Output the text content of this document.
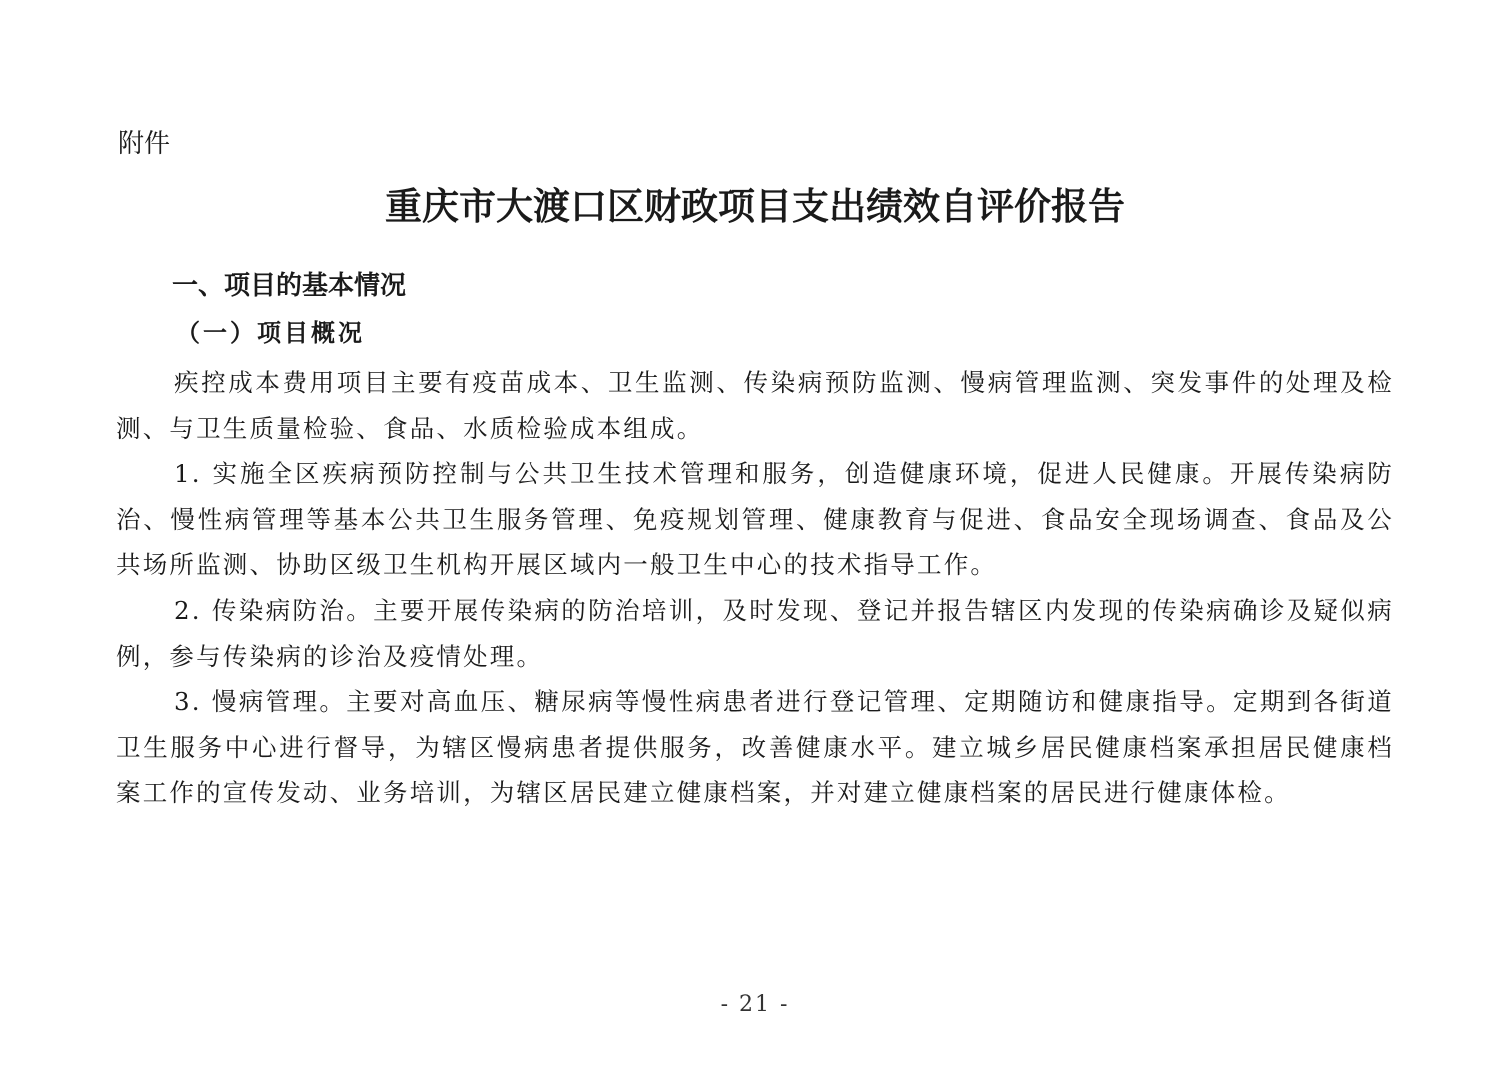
附件

重庆市大渡口区财政项目支出绩效自评价报告
一、项目的基本情况
（一）项目概况

疾控成本费用项目主要有疫苗成本、卫生监测、传染病预防监测、慢病管理监测、突发事件的处理及检测、与卫生质量检验、食品、水质检验成本组成。

1. 实施全区疾病预防控制与公共卫生技术管理和服务，创造健康环境，促进人民健康。开展传染病防治、慢性病管理等基本公共卫生服务管理、免疫规划管理、健康教育与促进、食品安全现场调查、食品及公共场所监测、协助区级卫生机构开展区域内一般卫生中心的技术指导工作。

2. 传染病防治。主要开展传染病的防治培训，及时发现、登记并报告辖区内发现的传染病确诊及疑似病例，参与传染病的诊治及疫情处理。

3. 慢病管理。主要对高血压、糖尿病等慢性病患者进行登记管理、定期随访和健康指导。定期到各街道卫生服务中心进行督导，为辖区慢病患者提供服务，改善健康水平。建立城乡居民健康档案承担居民健康档案工作的宣传发动、业务培训，为辖区居民建立健康档案，并对建立健康档案的居民进行健康体检。

- 21 -
